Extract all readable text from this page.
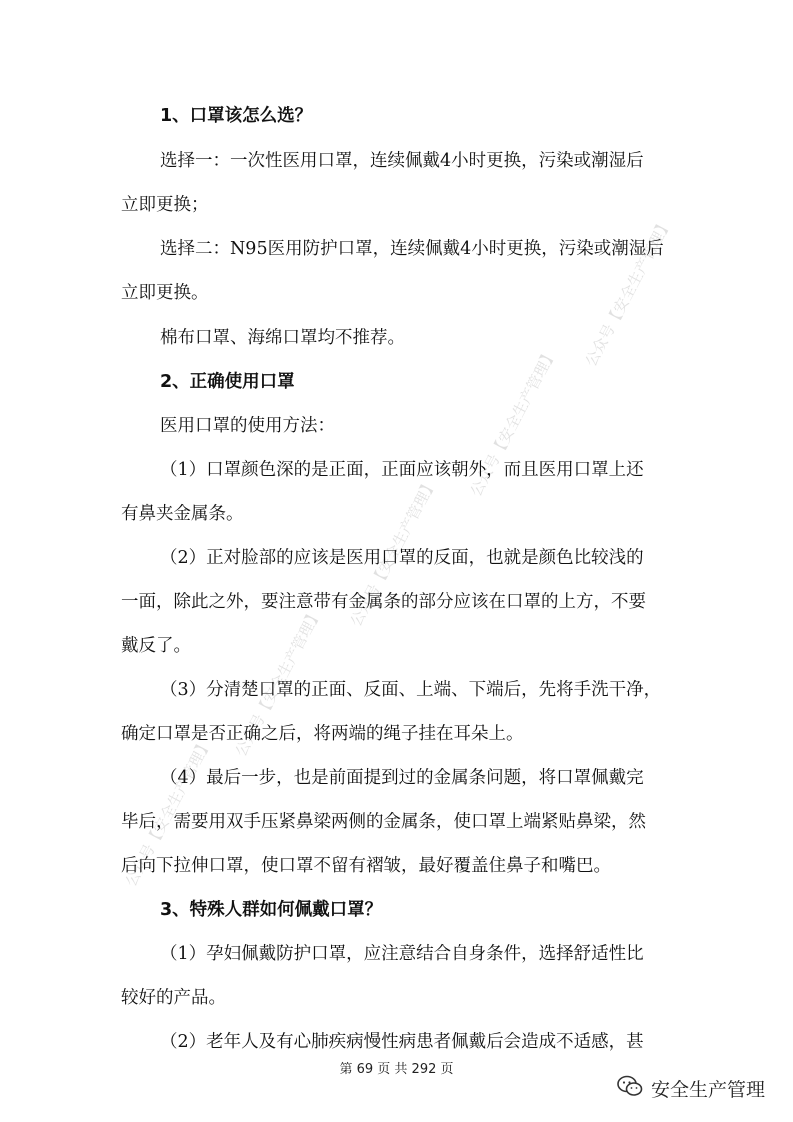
公众号【安全生产管理】
公众号【安全生产管理】
公众号【安全生产管理】
公众号【安全生产管理】
公众号【安全生产管理】
1、口罩该怎么选？
选择一：一次性医用口罩，连续佩戴4小时更换，污染或潮湿后
立即更换；
选择二：N95医用防护口罩，连续佩戴4小时更换，污染或潮湿后
立即更换。
棉布口罩、海绵口罩均不推荐。
2、正确使用口罩
医用口罩的使用方法：
（1）口罩颜色深的是正面，正面应该朝外，而且医用口罩上还
有鼻夹金属条。
（2）正对脸部的应该是医用口罩的反面，也就是颜色比较浅的
一面，除此之外，要注意带有金属条的部分应该在口罩的上方，不要
戴反了。
（3）分清楚口罩的正面、反面、上端、下端后，先将手洗干净，
确定口罩是否正确之后，将两端的绳子挂在耳朵上。
（4）最后一步，也是前面提到过的金属条问题，将口罩佩戴完
毕后，需要用双手压紧鼻梁两侧的金属条，使口罩上端紧贴鼻梁，然
后向下拉伸口罩，使口罩不留有褶皱，最好覆盖住鼻子和嘴巴。
3、特殊人群如何佩戴口罩？
（1）孕妇佩戴防护口罩，应注意结合自身条件，选择舒适性比
较好的产品。
（2）老年人及有心肺疾病慢性病患者佩戴后会造成不适感，甚
第 69 页 共 292 页
安全生产管理
